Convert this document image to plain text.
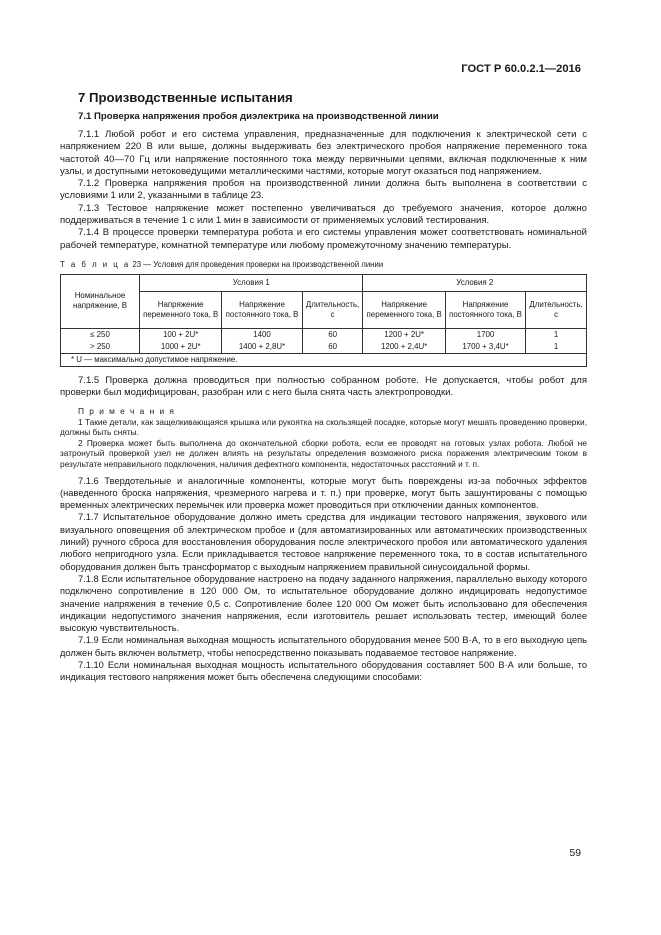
ГОСТ Р 60.0.2.1—2016
7 Производственные испытания
7.1 Проверка напряжения пробоя диэлектрика на производственной линии

7.1.1 Любой робот и его система управления, предназначенные для подключения к электрической сети с напряжением 220 В или выше, должны выдерживать без электрического пробоя напряжение переменного тока частотой 40—70 Гц или напряжение постоянного тока между первичными цепями, включая подключенные к ним узлы, и доступными нетоковедущими металлическими частями, которые могут оказаться под напряжением.

7.1.2 Проверка напряжения пробоя на производственной линии должна быть выполнена в соответствии с условиями 1 или 2, указанными в таблице 23.

7.1.3 Тестовое напряжение может постепенно увеличиваться до требуемого значения, которое должно поддерживаться в течение 1 с или 1 мин в зависимости от применяемых условий тестирования.

7.1.4 В процессе проверки температура робота и его системы управления может соответствовать номинальной рабочей температуре, комнатной температуре или любому промежуточному значению температуры.

Т а б л и ц а 23 — Условия для проведения проверки на производственной линии
Номинальное напряжение, В	Условия 1			Условия 2		
	Напряжение переменного тока, В	Напряжение постоянного тока, В	Длительность, с	Напряжение переменного тока, В	Напряжение постоянного тока, В	Длительность, с
≤ 250	100 + 2U*	1400	60	1200 + 2U*	1700	1
> 250	1000 + 2U*	1400 + 2,8U*	60	1200 + 2,4U*	1700 + 3,4U*	1
* U — максимально допустимое напряжение.						

7.1.5 Проверка должна проводиться при полностью собранном роботе. Не допускается, чтобы робот для проверки был модифицирован, разобран или с него была снята часть электропроводки.

П р и м е ч а н и я

1 Такие детали, как защелкивающаяся крышка или рукоятка на скользящей посадке, которые могут мешать проведению проверки, должны быть сняты.

2 Проверка может быть выполнена до окончательной сборки робота, если ее проводят на готовых узлах робота. Любой не затронутый проверкой узел не должен влиять на результаты определения возможного риска поражения электрическим током в результате неправильного подключения, наличия дефектного компонента, недостаточных расстояний и т. п.

7.1.6 Твердотельные и аналогичные компоненты, которые могут быть повреждены из-за побочных эффектов (наведенного броска напряжения, чрезмерного нагрева и т. п.) при проверке, могут быть зашунтированы с помощью временных электрических перемычек или проверка может проводиться при отключении данных компонентов.

7.1.7 Испытательное оборудование должно иметь средства для индикации тестового напряжения, звукового или визуального оповещения об электрическом пробое и (для автоматизированных или автоматических производственных линий) ручного сброса для восстановления оборудования после электрического пробоя или автоматического удаления любого непригодного узла. Если прикладывается тестовое напряжение переменного тока, то в состав испытательного оборудования должен быть трансформатор с выходным напряжением правильной синусоидальной формы.

7.1.8 Если испытательное оборудование настроено на подачу заданного напряжения, параллельно выходу которого подключено сопротивление в 120 000 Ом, то испытательное оборудование должно индицировать недопустимое значение напряжения в течение 0,5 с. Сопротивление более 120 000 Ом может быть использовано для обеспечения индикации недопустимого значения напряжения, если изготовитель решает использовать тестер, имеющий более высокую чувствительность.

7.1.9 Если номинальная выходная мощность испытательного оборудования менее 500 В·А, то в его выходную цепь должен быть включен вольтметр, чтобы непосредственно показывать подаваемое тестовое напряжение.

7.1.10 Если номинальная выходная мощность испытательного оборудования составляет 500 В·А или больше, то индикация тестового напряжения может быть обеспечена следующими способами:

59
